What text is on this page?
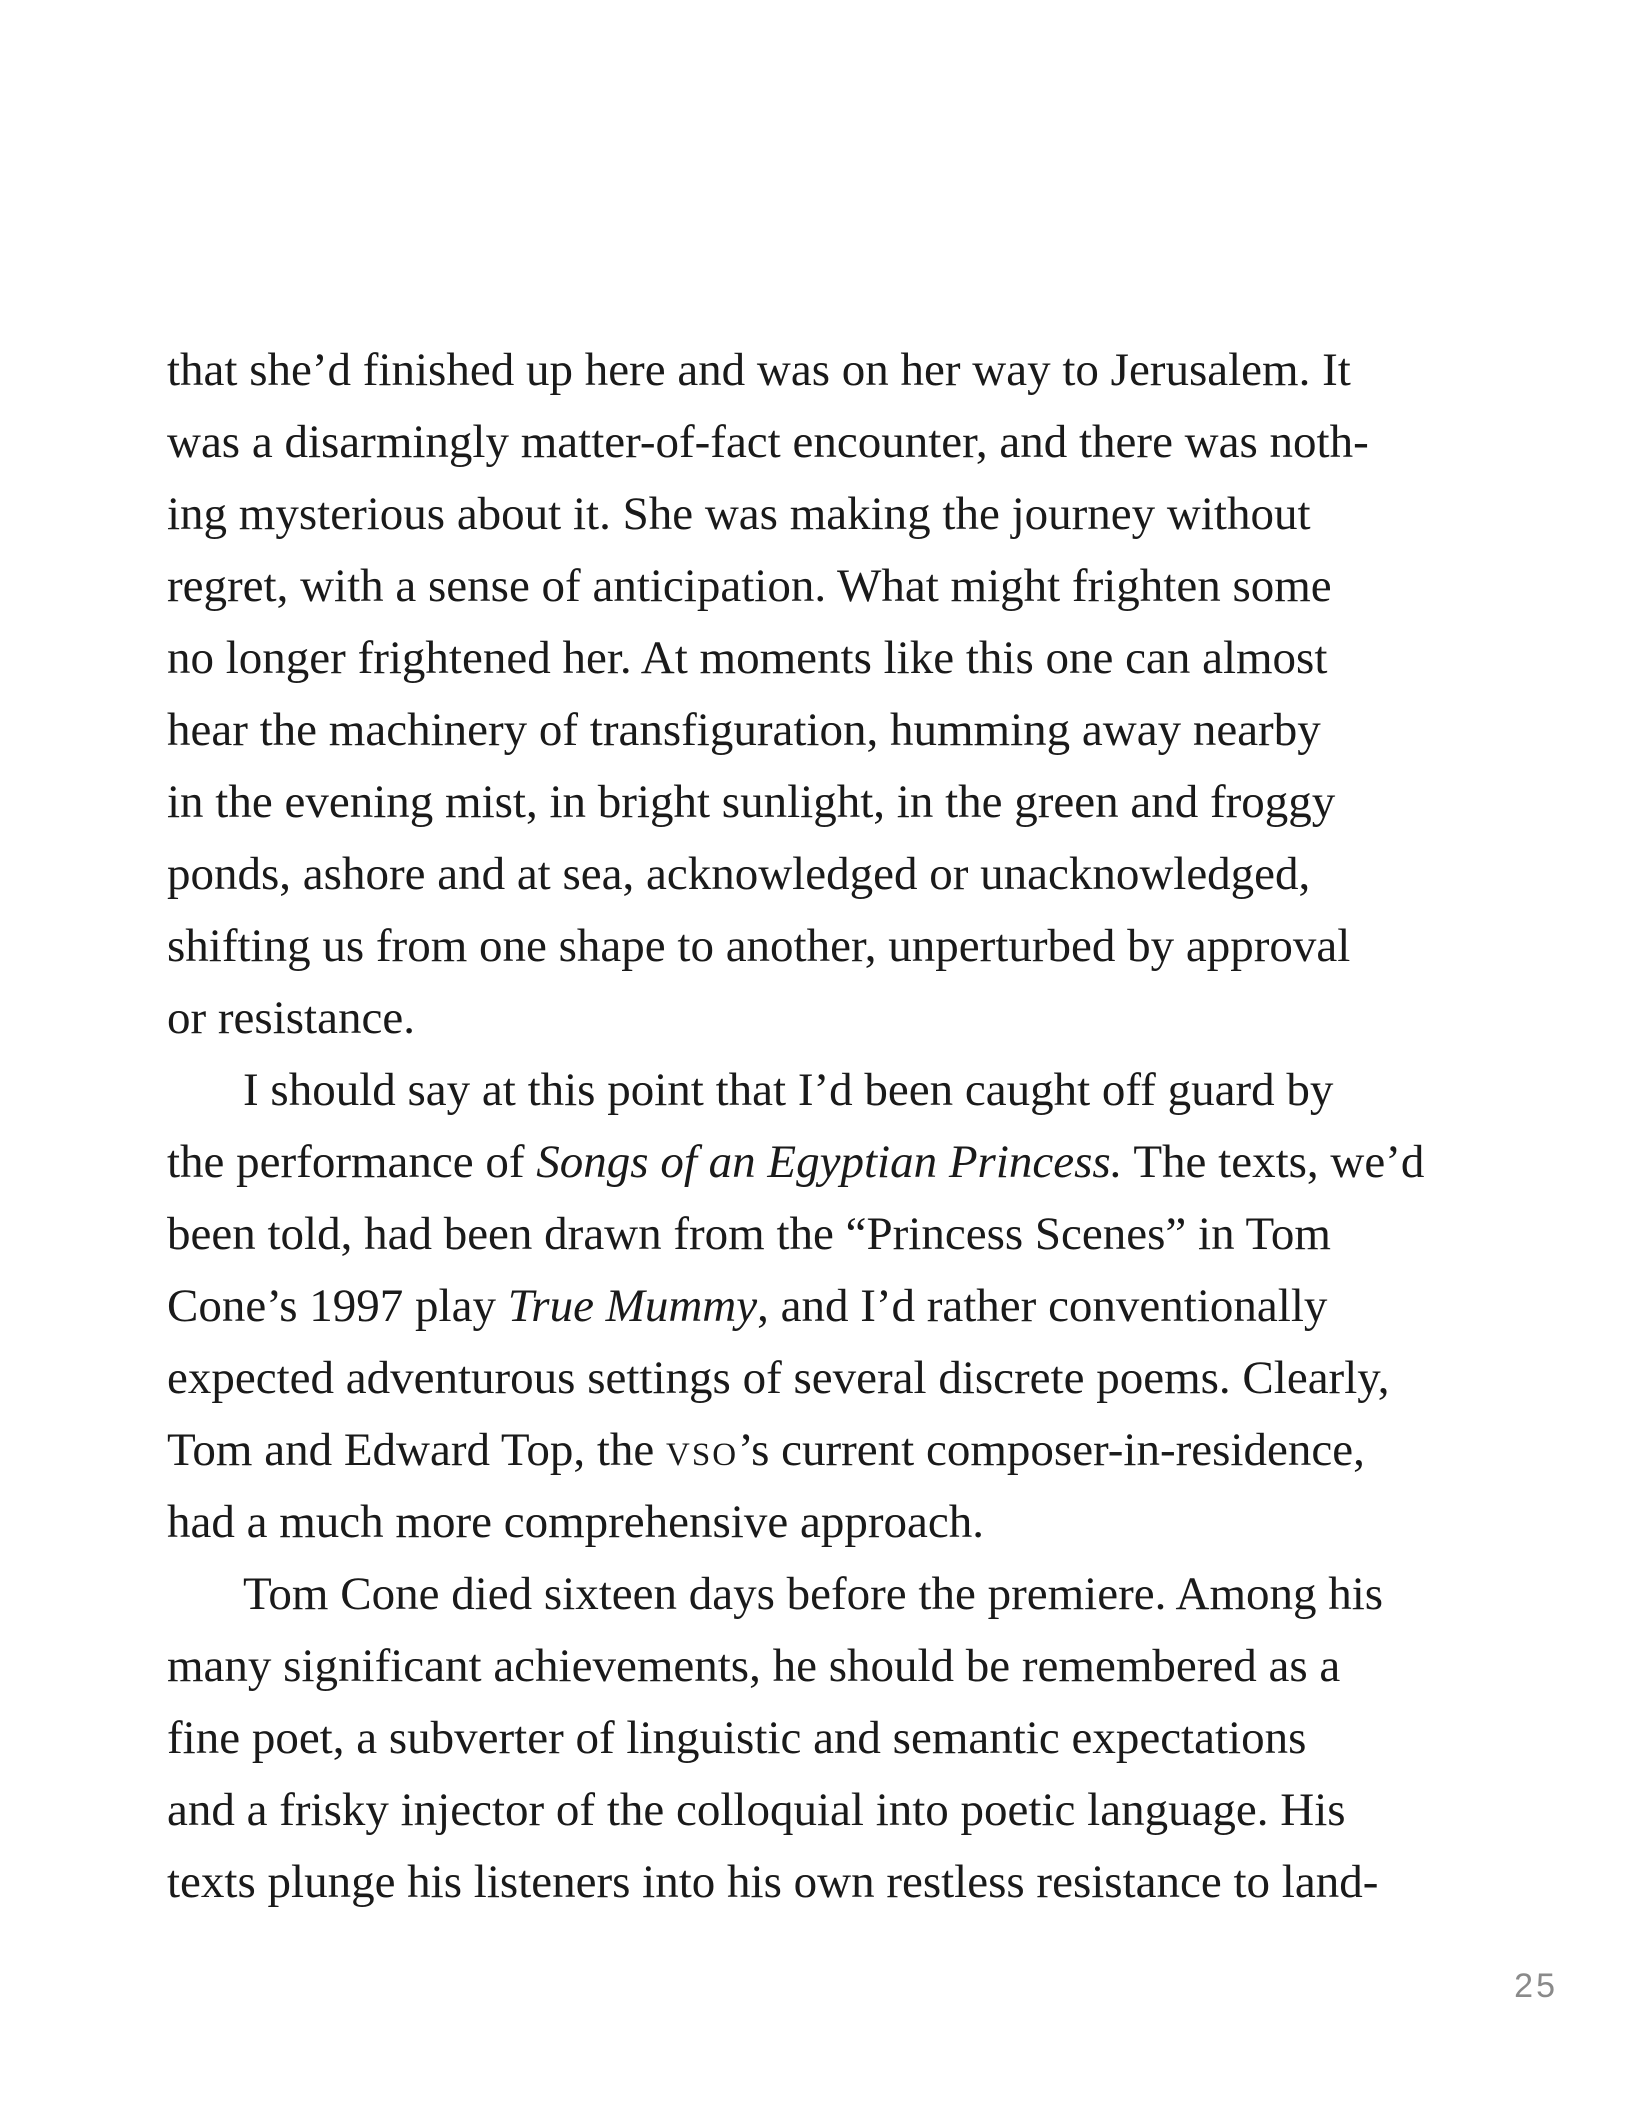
that she’d finished up here and was on her way to Jerusalem. It
was a disarmingly matter-of-fact encounter, and there was noth-
ing mysterious about it. She was making the journey without
regret, with a sense of anticipation. What might frighten some
no longer frightened her. At moments like this one can almost
hear the machinery of transfiguration, humming away nearby
in the evening mist, in bright sunlight, in the green and froggy
ponds, ashore and at sea, acknowledged or unacknowledged,
shifting us from one shape to another, unperturbed by approval
or resistance.
I should say at this point that I’d been caught off guard by
the performance of Songs of an Egyptian Princess. The texts, we’d
been told, had been drawn from the “Princess Scenes” in Tom
Cone’s 1997 play True Mummy, and I’d rather conventionally
expected adventurous settings of several discrete poems. Clearly,
Tom and Edward Top, the vso’s current composer-in-residence,
had a much more comprehensive approach.
Tom Cone died sixteen days before the premiere. Among his
many significant achievements, he should be remembered as a
fine poet, a subverter of linguistic and semantic expectations
and a frisky injector of the colloquial into poetic language. His
texts plunge his listeners into his own restless resistance to land-
25
